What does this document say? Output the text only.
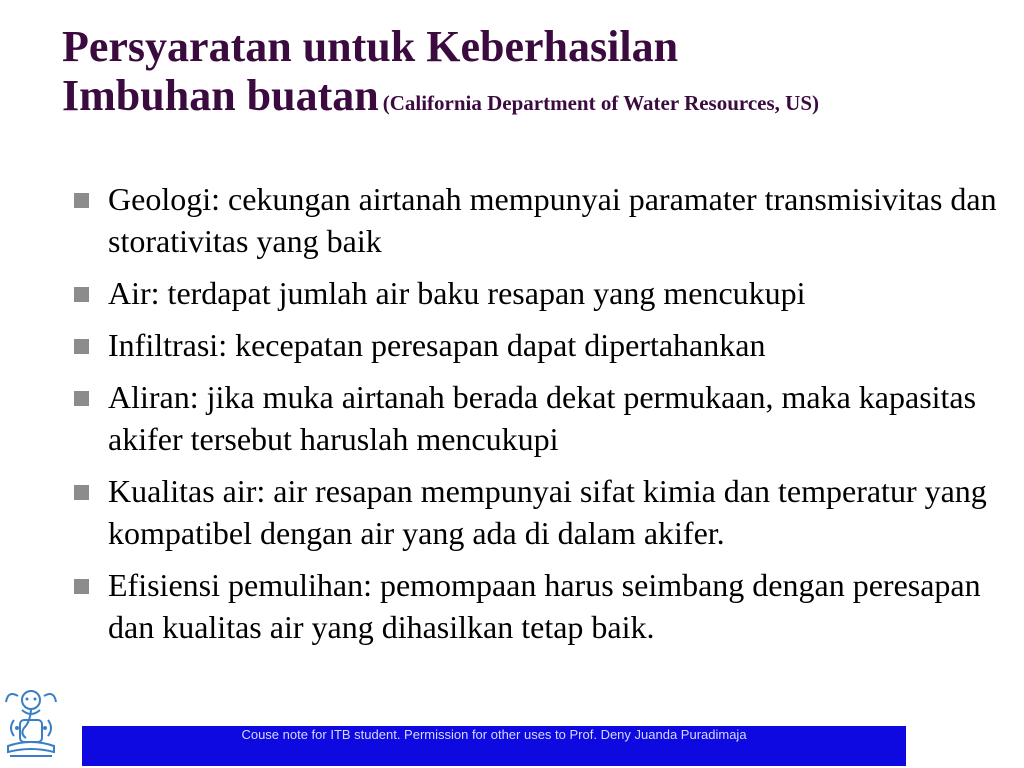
Persyaratan untuk Keberhasilan
Imbuhan buatan (California Department of Water Resources, US)
Geologi: cekungan airtanah mempunyai paramater transmisivitas dan storativitas yang baik
Air: terdapat jumlah air baku resapan yang mencukupi
Infiltrasi: kecepatan peresapan dapat dipertahankan
Aliran: jika muka airtanah berada dekat permukaan, maka kapasitas akifer tersebut haruslah mencukupi
Kualitas air: air resapan mempunyai sifat kimia dan temperatur yang kompatibel dengan air yang ada di dalam akifer.
Efisiensi pemulihan: pemompaan harus seimbang dengan peresapan dan kualitas air yang dihasilkan tetap baik.
Couse note for ITB student. Permission for other uses to Prof. Deny Juanda Puradimaja
